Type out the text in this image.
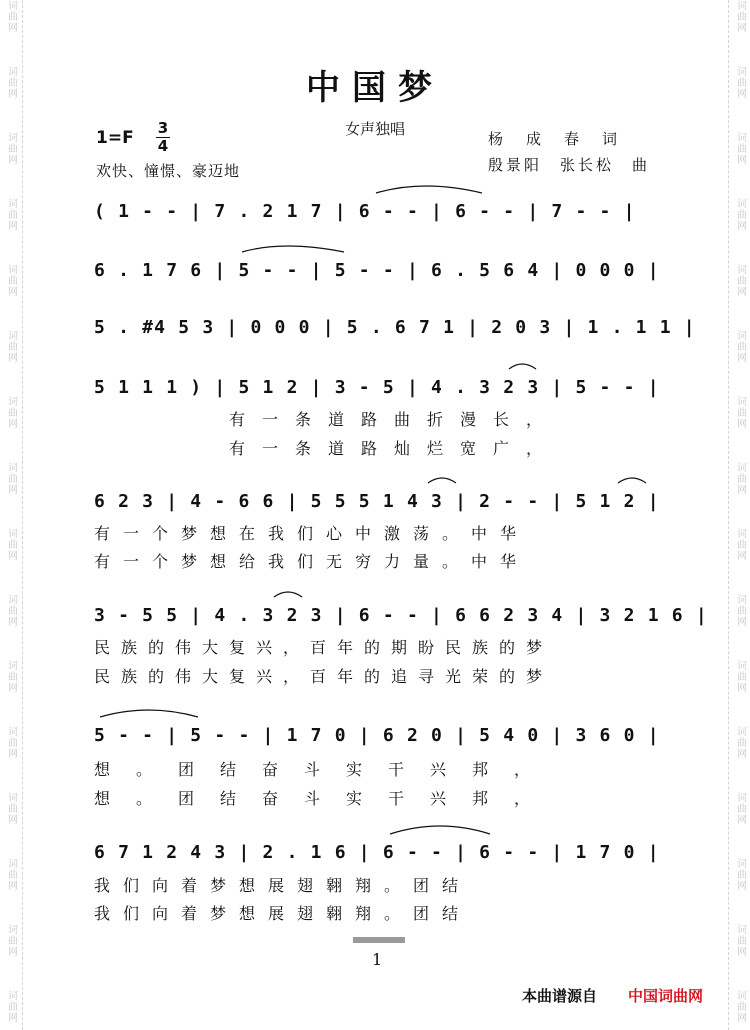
词曲网
词曲网
词曲网
词曲网
词曲网
词曲网
词曲网
词曲网
词曲网
词曲网
词曲网
词曲网
词曲网
词曲网
词曲网
词曲网
词曲网
词曲网
词曲网
词曲网
词曲网
词曲网
词曲网
词曲网
词曲网
词曲网
词曲网
词曲网
词曲网
词曲网
词曲网
词曲网
中国梦
女声独唱
$1=F \frac{3}{4}$
欢快、憧憬、豪迈地
杨　成　春　词
殷景阳　张长松　曲
( 1 - - | 7 . 2 1 7 | 6 - - | 6 - - | 7 - - |
6 . 1 7 6 | 5 - - | 5 - - | 6 . 5 6 4 | 0 0 0 |
5 . #4 5 3 | 0 0 0 | 5 . 6 7 1 | 2 0 3 | 1 . 1 1 |
5 1 1 1 ) | 5 1 2 | 3 - 5 | 4 . 3 2 3 | 5 - - |
有一条道路曲折漫长，
有一条道路灿烂宽广，
6 2 3 | 4 - 6 6 | 5 5 5 1 4 3 | 2 - - | 5 1 2 |
有一个梦想在我们心中激荡。中华
有一个梦想给我们无穷力量。中华
3 - 5 5 | 4 . 3 2 3 | 6 - - | 6 6 2 3 4 | 3 2 1 6 |
民族的伟大复兴，百年的期盼民族的梦
民族的伟大复兴，百年的追寻光荣的梦
5 - - | 5 - - | 1 7 0 | 6 2 0 | 5 4 0 | 3 6 0 |
想。团结奋斗实干兴邦，
想。团结奋斗实干兴邦，
6 7 1 2 4 3 | 2 . 1 6 | 6 - - | 6 - - | 1 7 0 |
我们向着梦想展翅翱翔。团结
我们向着梦想展翅翱翔。团结
1
本曲谱源自 中国词曲网
